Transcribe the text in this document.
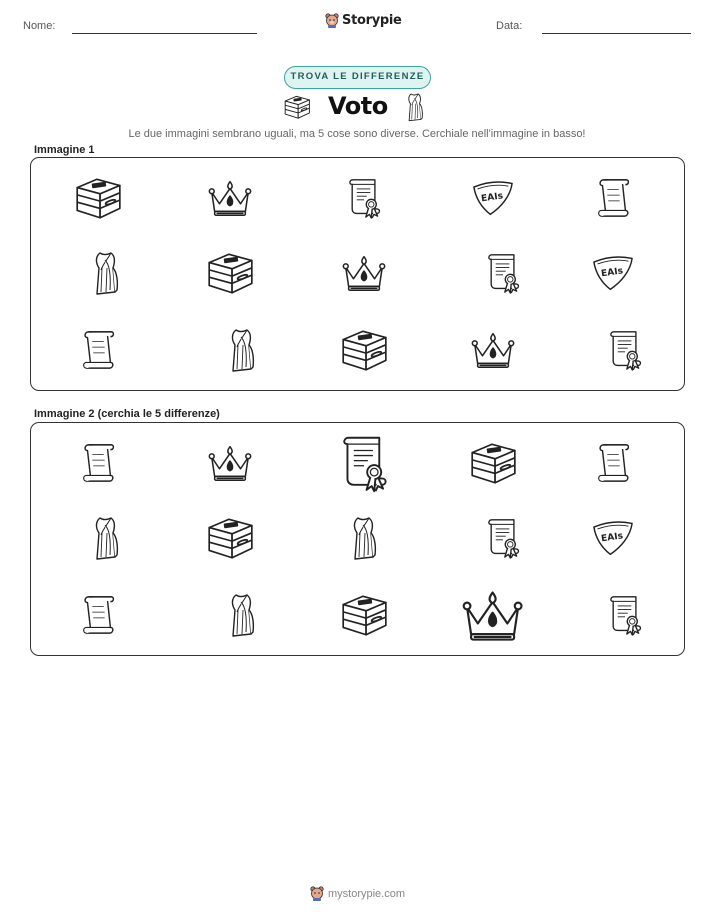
Nome:	Storypie	Data:
TROVA LE DIFFERENZE
Voto
Le due immagini sembrano uguali, ma 5 cose sono diverse. Cerchiale nell'immagine in basso!
Immagine 1
Immagine 2 (cerchia le 5 differenze)
mystorypie.com
